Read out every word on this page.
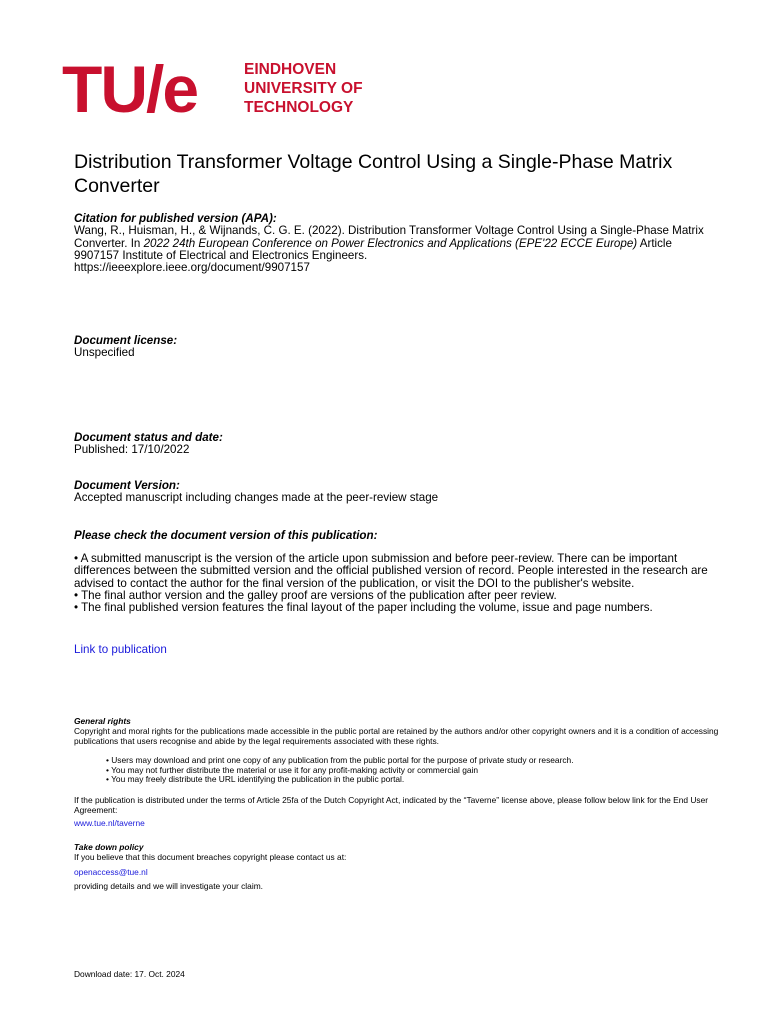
TU/e	EINDHOVEN
UNIVERSITY OF
TECHNOLOGY
Distribution Transformer Voltage Control Using a Single-Phase Matrix Converter
Citation for published version (APA):
Wang, R., Huisman, H., & Wijnands, C. G. E. (2022). Distribution Transformer Voltage Control Using a Single-Phase Matrix Converter. In 2022 24th European Conference on Power Electronics and Applications (EPE'22 ECCE Europe) Article 9907157 Institute of Electrical and Electronics Engineers.
https://ieeexplore.ieee.org/document/9907157
Document license:
Unspecified
Document status and date:
Published: 17/10/2022
Document Version:
Accepted manuscript including changes made at the peer-review stage
Please check the document version of this publication:
• A submitted manuscript is the version of the article upon submission and before peer-review. There can be important differences between the submitted version and the official published version of record. People interested in the research are advised to contact the author for the final version of the publication, or visit the DOI to the publisher's website.
• The final author version and the galley proof are versions of the publication after peer review.
• The final published version features the final layout of the paper including the volume, issue and page numbers.
Link to publication
General rights
Copyright and moral rights for the publications made accessible in the public portal are retained by the authors and/or other copyright owners and it is a condition of accessing publications that users recognise and abide by the legal requirements associated with these rights.
• Users may download and print one copy of any publication from the public portal for the purpose of private study or research.
• You may not further distribute the material or use it for any profit-making activity or commercial gain
• You may freely distribute the URL identifying the publication in the public portal.
If the publication is distributed under the terms of Article 25fa of the Dutch Copyright Act, indicated by the “Taverne” license above, please follow below link for the End User Agreement:
www.tue.nl/taverne
Take down policy
If you believe that this document breaches copyright please contact us at:
openaccess@tue.nl
providing details and we will investigate your claim.
Download date: 17. Oct. 2024
